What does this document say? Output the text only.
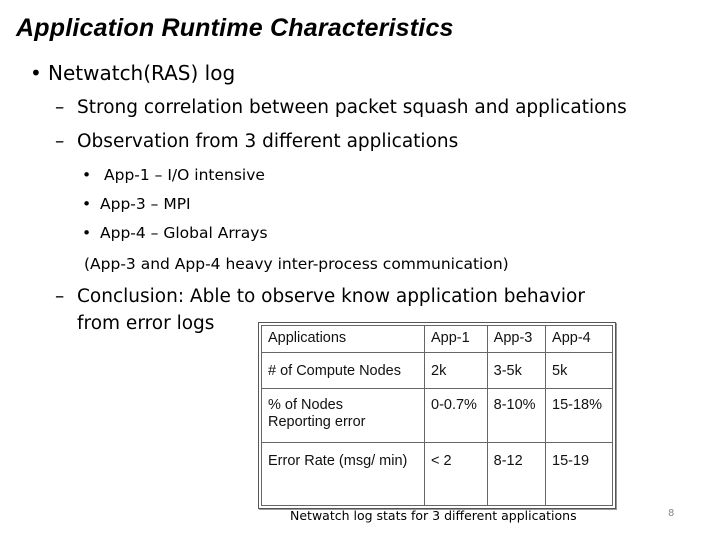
Application Runtime Characteristics
• Netwatch(RAS) log
– Strong correlation between packet squash and applications
– Observation from 3 different applications
• App-1 – I/O intensive
• App-3 – MPI
• App-4 – Global Arrays
(App-3 and App-4 heavy inter-process communication)
– Conclusion: Able to observe know application behavior
from error logs
Applications	App-1	App-3	App-4
# of Compute Nodes	2k	3-5k	5k

% of Nodes
Reporting error	0-0.7%	8-10%	15-18%
Error Rate (msg/ min)	< 2	8-12	15-19
Netwatch log stats for 3 different applications	8
